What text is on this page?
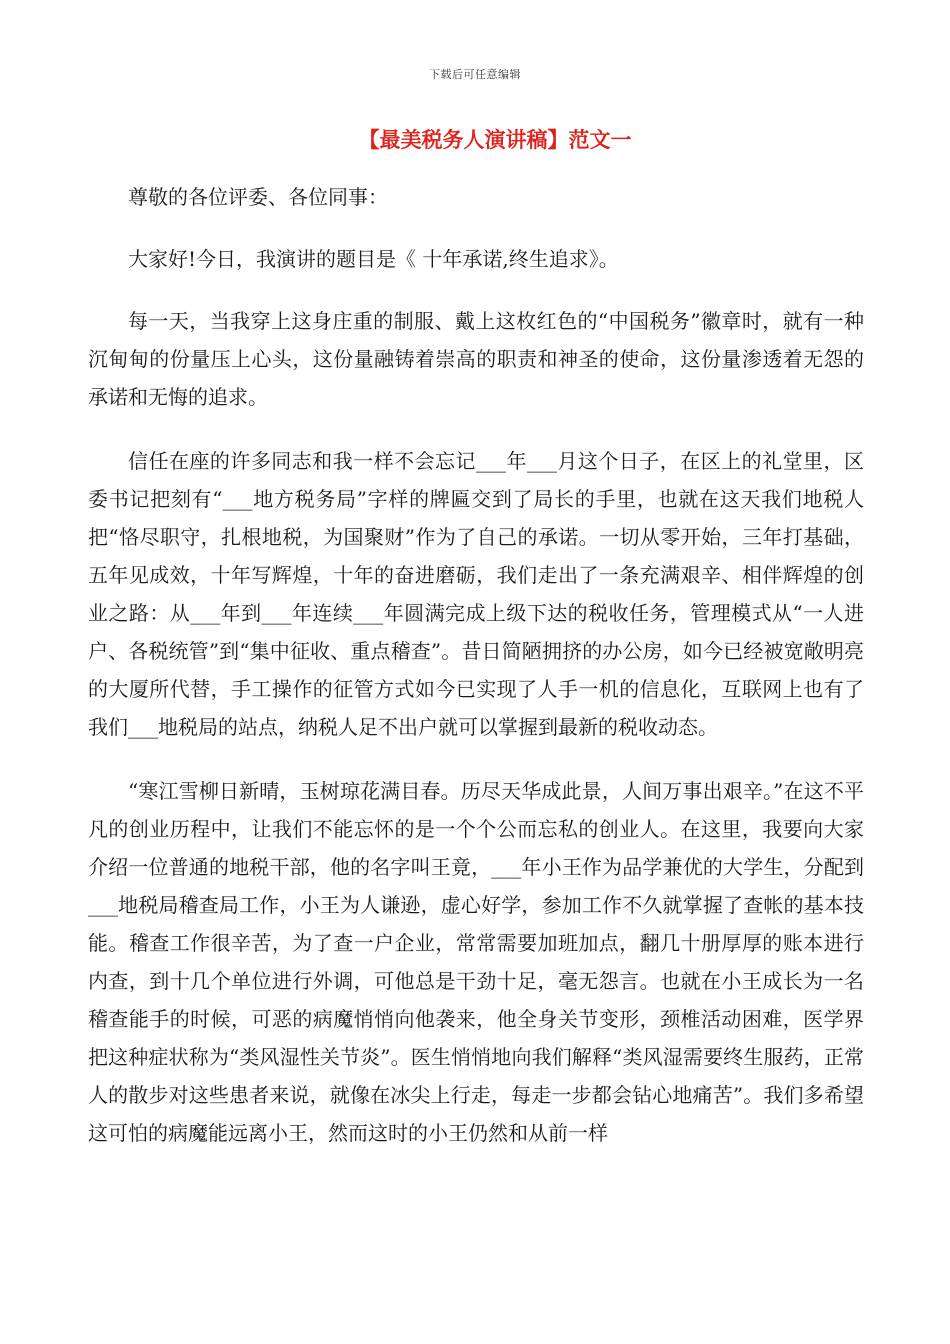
下载后可任意编辑
【最美税务人演讲稿】范文一

尊敬的各位评委、各位同事：

大家好!今日，我演讲的题目是《 十年承诺,终生追求》。

每一天，当我穿上这身庄重的制服、戴上这枚红色的“中国税务”徽章时，就有一种沉甸甸的份量压上心头，这份量融铸着崇高的职责和神圣的使命，这份量渗透着无怨的承诺和无悔的追求。

信任在座的许多同志和我一样不会忘记___年___月这个日子，在区上的礼堂里，区委书记把刻有“___地方税务局”字样的牌匾交到了局长的手里，也就在这天我们地税人把“恪尽职守，扎根地税，为国聚财”作为了自己的承诺。一切从零开始，三年打基础，五年见成效，十年写辉煌，十年的奋进磨砺，我们走出了一条充满艰辛、相伴辉煌的创业之路：从___年到___年连续___年圆满完成上级下达的税收任务，管理模式从“一人进户、各税统管”到“集中征收、重点稽查”。昔日简陋拥挤的办公房，如今已经被宽敞明亮的大厦所代替，手工操作的征管方式如今已实现了人手一机的信息化，互联网上也有了我们___地税局的站点，纳税人足不出户就可以掌握到最新的税收动态。

“寒江雪柳日新晴，玉树琼花满目春。历尽天华成此景，人间万事出艰辛。”在这不平凡的创业历程中，让我们不能忘怀的是一个个公而忘私的创业人。在这里，我要向大家介绍一位普通的地税干部，他的名字叫王竟，___年小王作为品学兼优的大学生，分配到___地税局稽查局工作，小王为人谦逊，虚心好学，参加工作不久就掌握了查帐的基本技能。稽查工作很辛苦，为了查一户企业，常常需要加班加点，翻几十册厚厚的账本进行内查，到十几个单位进行外调，可他总是干劲十足，毫无怨言。也就在小王成长为一名稽查能手的时候，可恶的病魔悄悄向他袭来，他全身关节变形，颈椎活动困难，医学界把这种症状称为“类风湿性关节炎”。医生悄悄地向我们解释“类风湿需要终生服药，正常人的散步对这些患者来说，就像在冰尖上行走，每走一步都会钻心地痛苦”。我们多希望这可怕的病魔能远离小王，然而这时的小王仍然和从前一样
